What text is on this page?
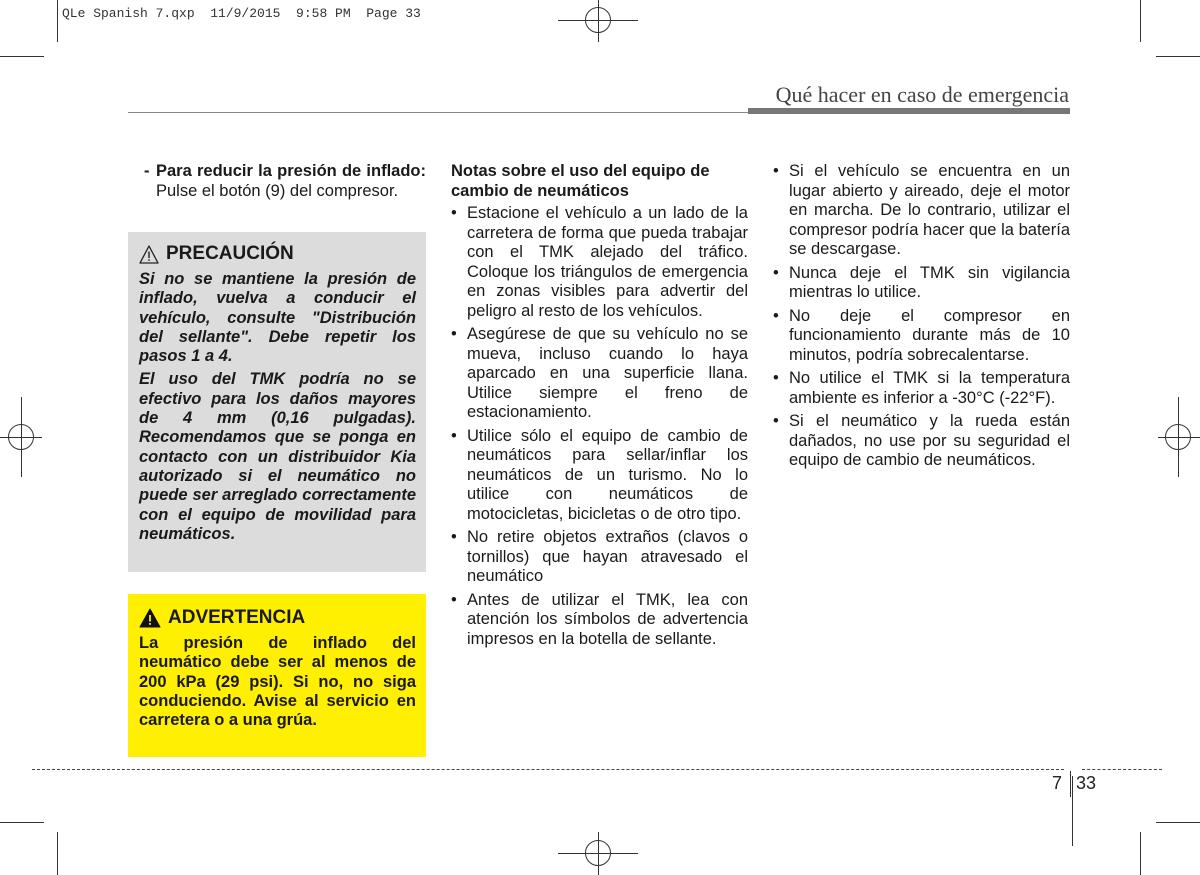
QLe Spanish 7.qxp  11/9/2015  9:58 PM  Page 33
Qué hacer en caso de emergencia
- Para reducir la presión de inflado: Pulse el botón (9) del compresor.
PRECAUCIÓN

Si no se mantiene la presión de inflado, vuelva a conducir el vehículo, consulte "Distribución del sellante". Debe repetir los pasos 1 a 4.

El uso del TMK podría no se efectivo para los daños mayores de 4 mm (0,16 pulgadas). Recomendamos que se ponga en contacto con un distribuidor Kia autorizado si el neumático no puede ser arreglado correctamente con el equipo de movilidad para neumáticos.

ADVERTENCIA

La presión de inflado del neumático debe ser al menos de 200 kPa (29 psi). Si no, no siga conduciendo. Avise al servicio en carretera o a una grúa.

Notas sobre el uso del equipo de cambio de neumáticos
• Estacione el vehículo a un lado de la carretera de forma que pueda trabajar con el TMK alejado del tráfico. Coloque los triángulos de emergencia en zonas visibles para advertir del peligro al resto de los vehículos.
• Asegúrese de que su vehículo no se mueva, incluso cuando lo haya aparcado en una superficie llana. Utilice siempre el freno de estacionamiento.
• Utilice sólo el equipo de cambio de neumáticos para sellar/inflar los neumáticos de un turismo. No lo utilice con neumáticos de motocicletas, bicicletas o de otro tipo.
• No retire objetos extraños (clavos o tornillos) que hayan atravesado el neumático
• Antes de utilizar el TMK, lea con atención los símbolos de advertencia impresos en la botella de sellante.
• Si el vehículo se encuentra en un lugar abierto y aireado, deje el motor en marcha. De lo contrario, utilizar el compresor podría hacer que la batería se descargase.
• Nunca deje el TMK sin vigilancia mientras lo utilice.
• No deje el compresor en funcionamiento durante más de 10 minutos, podría sobrecalentarse.
• No utilice el TMK si la temperatura ambiente es inferior a -30°C (-22°F).
• Si el neumático y la rueda están dañados, no use por su seguridad el equipo de cambio de neumáticos.
7 33
